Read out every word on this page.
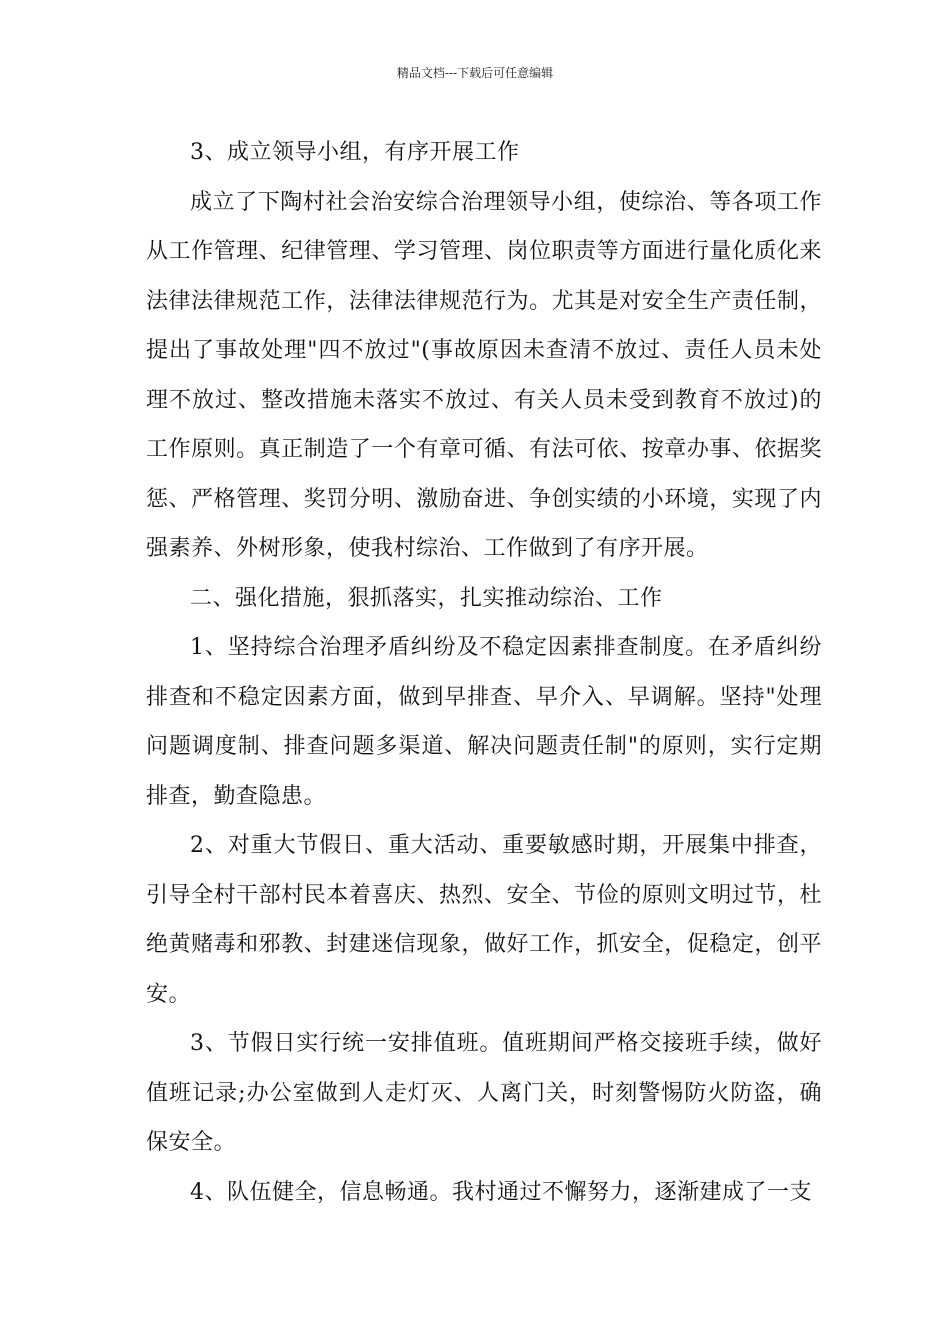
精品文档---下载后可任意编辑

3、成立领导小组，有序开展工作

成立了下陶村社会治安综合治理领导小组，使综治、等各项工作从工作管理、纪律管理、学习管理、岗位职责等方面进行量化质化来法律法律规范工作，法律法律规范行为。尤其是对安全生产责任制，提出了事故处理"四不放过"(事故原因未查清不放过、责任人员未处理不放过、整改措施未落实不放过、有关人员未受到教育不放过)的工作原则。真正制造了一个有章可循、有法可依、按章办事、依据奖惩、严格管理、奖罚分明、激励奋进、争创实绩的小环境，实现了内强素养、外树形象，使我村综治、工作做到了有序开展。

二、强化措施，狠抓落实，扎实推动综治、工作

1、坚持综合治理矛盾纠纷及不稳定因素排查制度。在矛盾纠纷排查和不稳定因素方面，做到早排查、早介入、早调解。坚持"处理问题调度制、排查问题多渠道、解决问题责任制"的原则，实行定期排查，勤查隐患。

2、对重大节假日、重大活动、重要敏感时期，开展集中排查，引导全村干部村民本着喜庆、热烈、安全、节俭的原则文明过节，杜绝黄赌毒和邪教、封建迷信现象，做好工作，抓安全，促稳定，创平安。

3、节假日实行统一安排值班。值班期间严格交接班手续，做好值班记录;办公室做到人走灯灭、人离门关，时刻警惕防火防盗，确保安全。

4、队伍健全，信息畅通。我村通过不懈努力，逐渐建成了一支
